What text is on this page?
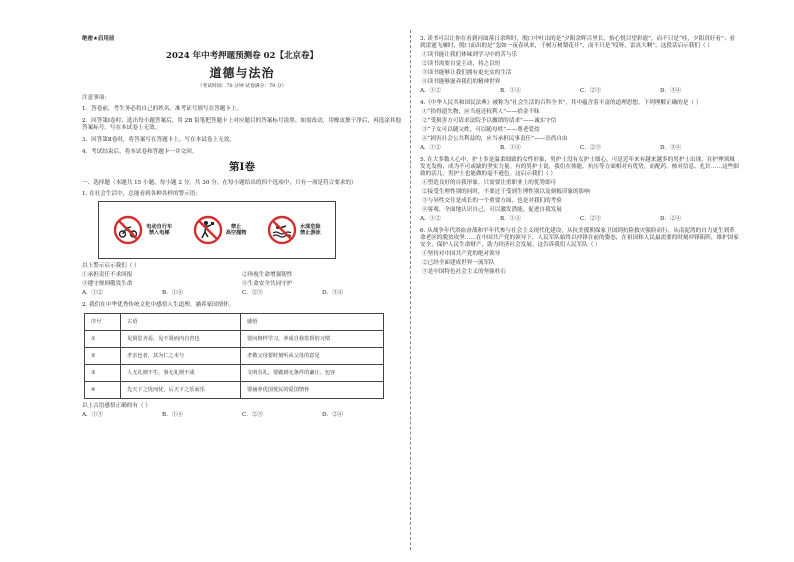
绝密★启用前
2024 年中考押题预测卷 02【北京卷】
道德与法治
（考试时间：70 分钟 试卷满分：70 分）
注意事项：

1．答卷前，考生务必将自己的姓名、准考证号填写在答题卡上。

2．回答第Ⅰ卷时，选出每小题答案后，用 2B 铅笔把答题卡上对应题目的答案标号涂黑。如需改动，用橡皮擦干净后，再选涂其他答案标号。写在本试卷上无效。

3．回答第Ⅱ卷时，将答案写在答题卡上。写在本试卷上无效。

4．考试结束后，将本试卷和答题卡一并交回。

第Ⅰ卷
一、选择题（本题共 15 小题，每小题 2 分，共 30 分。在每小题给出的四个选项中，只有一项是符合要求的）
1. 在社会生活中，总能看到各种各样的警示语：
电动自行车
禁入电梯
禁止
高空抛物
水深危险
禁止游泳
以上警示启示我们（ ）
①承担责任不求回报	②珍视生命增强韧性
③遵守规则敬畏生命	④生命安全共同守护
A．①②	B．①④	C．②③	D．③④
2. 我们在中华优秀传统文化中感悟人生道理、涵养家国情怀。
序号	古语	感悟
①	见贤思齐焉，见不贤而内自省也	要向榜样学习，养成自我监督的习惯
②	孝亲也者，其为仁之本与	孝敬父母要时刻听从父母的意见
③	人无礼则不生，事无礼则不成	文明有礼，要做到无条件的谦让、包容
④	先天下之忧而忧，后天下之乐而乐	要涵养优国忧民的爱国情怀
以上古语感悟正确的有（ ）
A．①③	B．①④	C．②③	D．②④
3. 读书可以让你在看到河面落日余晖时，脱口中吐出的是“夕阳余晖百里长，怡心悦目望彩霞”，而不只是“哇，夕阳真好看”；看到雷霆飞雁时，脱口而出的是“忽如一夜春风来，千树万树梨花开”，而不只是“哎呀，雷真大啊”。这段话启示我们（ ）
①读书能让我们体味到学习中的苦与乐
②读书需要自觉主动、持之以恒
③读书能够让我们拥有更充实的生活
④读书能够滋养我们的精神世界
A．①②	B．①④	C．②③	D．③④
4.《中华人民共和国民法典》被称为“社会生活的百科全书”，其中蕴含着丰富的道理思想。下列理解正确的是（ ）
①“拾得遗失物，应当返还权利人”——拾金不昧
②“受损害方可请求法院予以撤销的请求”——诚实守信
③“子女可以随父姓，可以随母姓”——尊老爱幼
④“损害社会公共利益的，应当承担民事责任”——崇尚自由
A．①②	B．①④	C．②③	D．③④
5. 在大多数人心中，护士多是温柔细致的女性形象，男护士没有女护士细心。可是近年来有越来越多的男护士出现，在护理领域发光发热，成为不可或缺的坚实力量。有的男护士说，我们在体能、抗压等方面相对有优势，而配药、核对信息、扎针……这些细致的活儿，男护士也能做的毫不逊色。这启示我们（ ）
①塑造良好的自我形象，只需要注重职业上的优势即可
②接受生理性别的同时，不要过于受到生理性别以及刻板印象的影响
③与异性交往是成长的一个重要方面，也是对我们的考验
④客观、全面地认识自己，可以激发潜能，促进自我发展
A．①②	B．①④	C．②③	D．②④
6. 从战争年代浴血奋战和平年代参与社会主义现代化建设，从抗美援朝保家卫国到抗险救灾强险而行，从南泥湾的自力更生到革命老区的脱贫攻坚……在中国共产党的领导下，人民军队始终以冲锋在前的姿态，在祖国和人民最需要的时刻冲锋陷阵，维护国家安全，保护人民生命财产，助力经济社会发展。这告诉我们人民军队（ ）
①坚持对中国共产党的绝对领导
②已经全面建成世界一流军队
③是中国特色社会主义的坚强柱石
